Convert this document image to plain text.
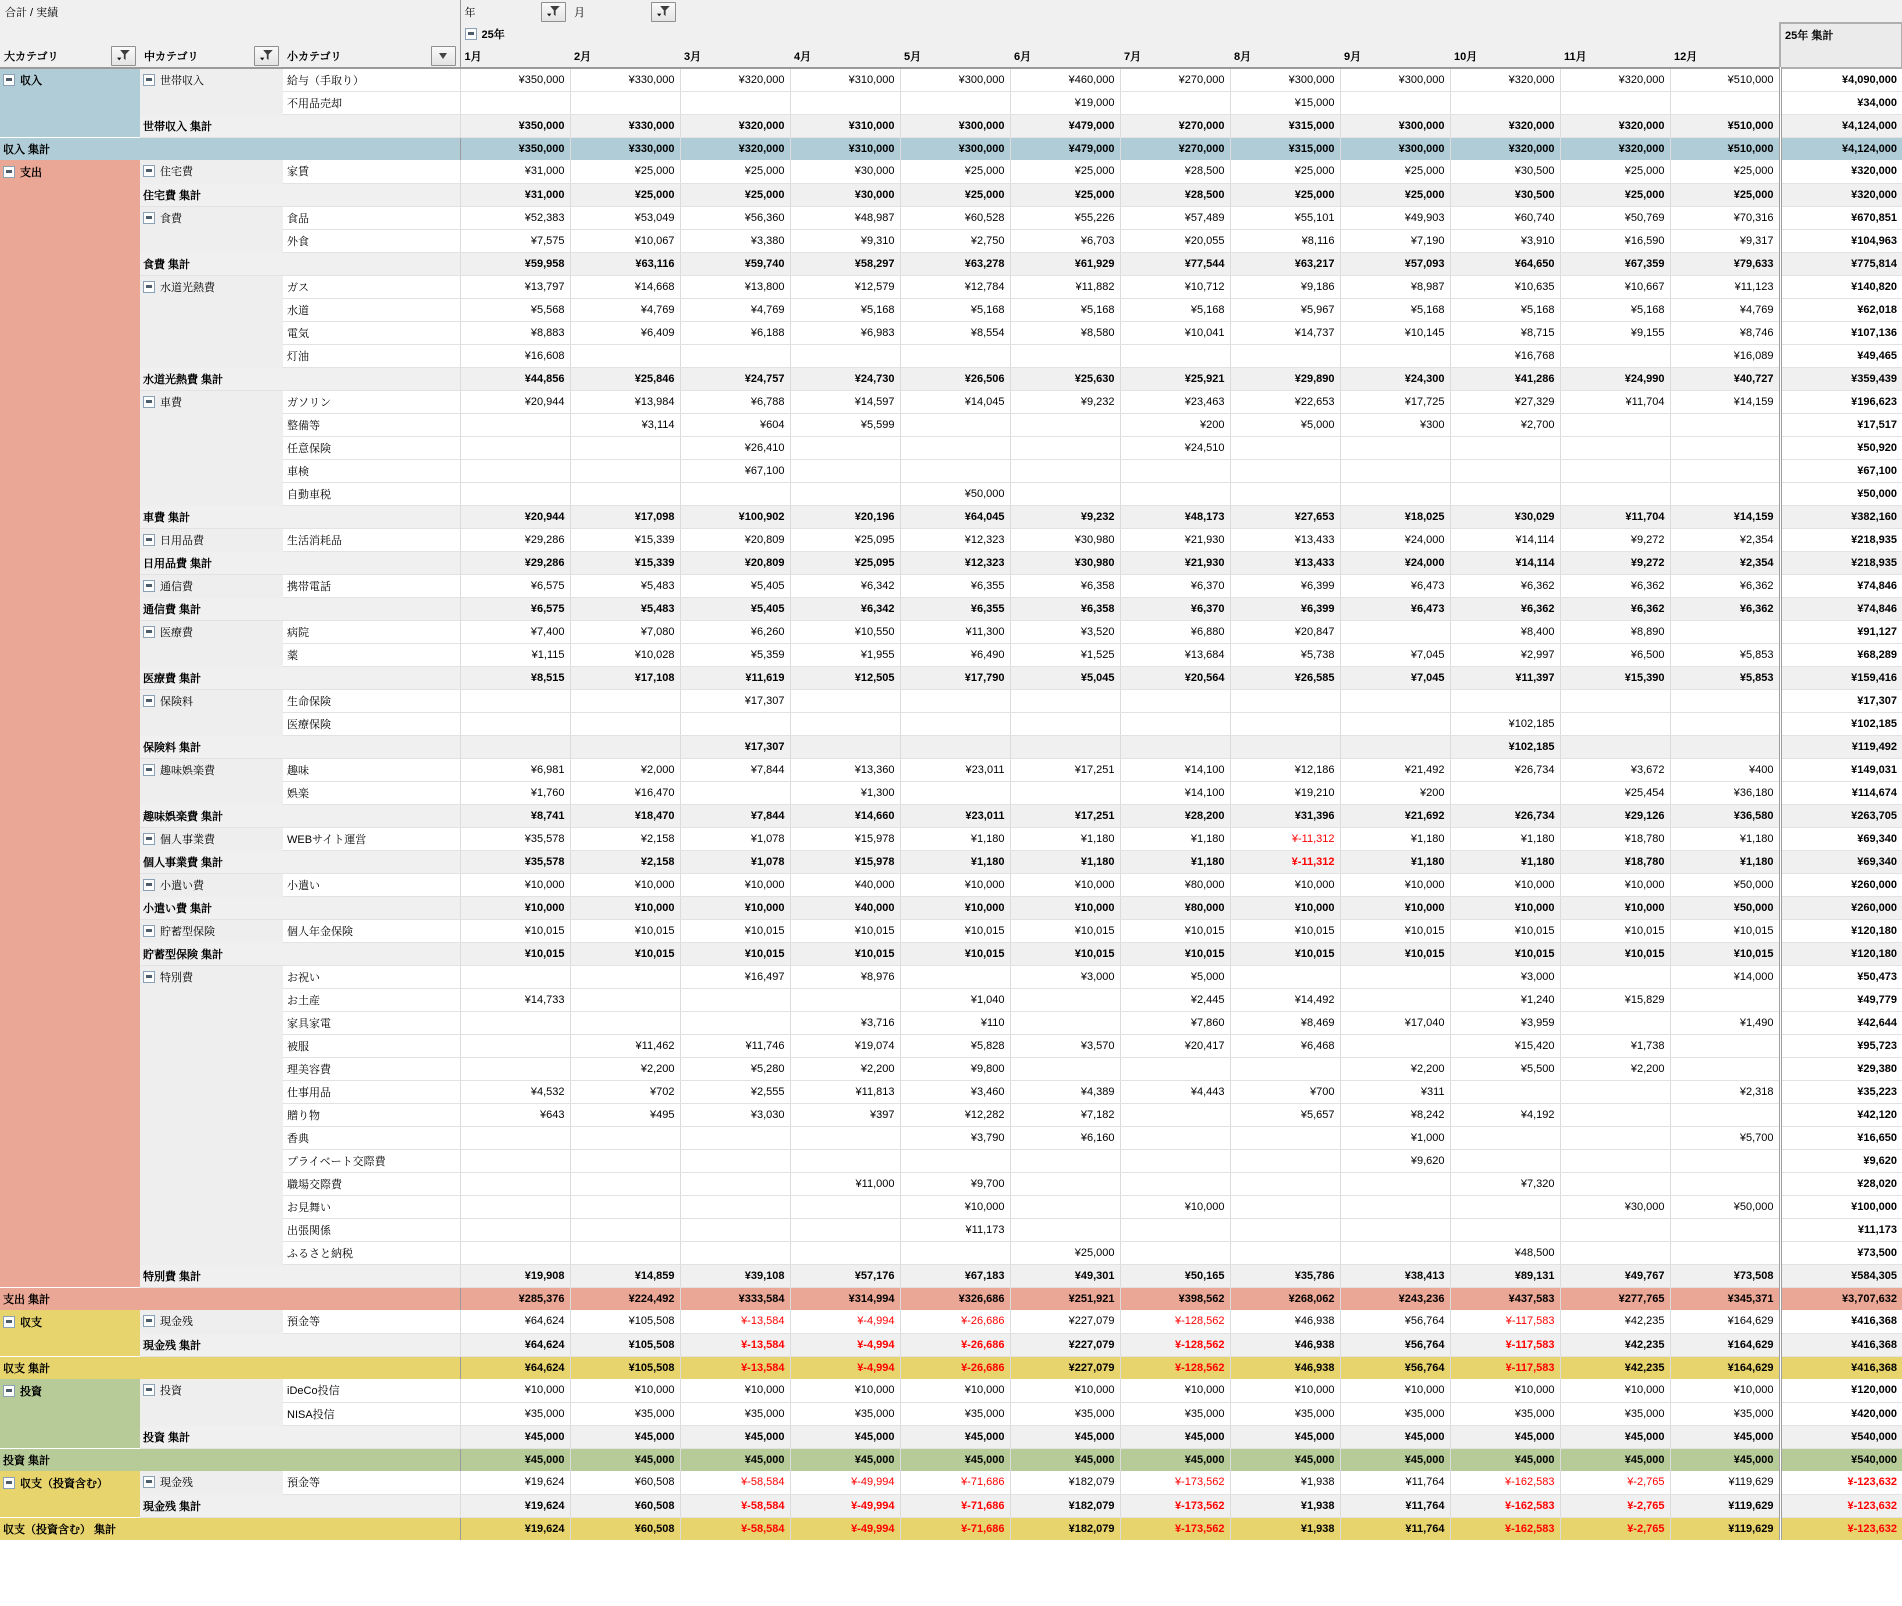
合計 / 実績			年	月											

			25年												25年 集計

大カテゴリ	中カテゴリ	小カテゴリ	1月	2月	3月	4月	5月	6月	7月	8月	9月	10月	11月	12月	

収入	世帯収入	給与（手取り）	¥350,000	¥330,000	¥320,000	¥310,000	¥300,000	¥460,000	¥270,000	¥300,000	¥300,000	¥320,000	¥320,000	¥510,000	¥4,090,000
		不用品売却						¥19,000		¥15,000					¥34,000
	世帯収入 集計		¥350,000	¥330,000	¥320,000	¥310,000	¥300,000	¥479,000	¥270,000	¥315,000	¥300,000	¥320,000	¥320,000	¥510,000	¥4,124,000
収入 集計			¥350,000	¥330,000	¥320,000	¥310,000	¥300,000	¥479,000	¥270,000	¥315,000	¥300,000	¥320,000	¥320,000	¥510,000	¥4,124,000

支出	住宅費	家賃	¥31,000	¥25,000	¥25,000	¥30,000	¥25,000	¥25,000	¥28,500	¥25,000	¥25,000	¥30,500	¥25,000	¥25,000	¥320,000
	住宅費 集計		¥31,000	¥25,000	¥25,000	¥30,000	¥25,000	¥25,000	¥28,500	¥25,000	¥25,000	¥30,500	¥25,000	¥25,000	¥320,000

	食費	食品	¥52,383	¥53,049	¥56,360	¥48,987	¥60,528	¥55,226	¥57,489	¥55,101	¥49,903	¥60,740	¥50,769	¥70,316	¥670,851
		外食	¥7,575	¥10,067	¥3,380	¥9,310	¥2,750	¥6,703	¥20,055	¥8,116	¥7,190	¥3,910	¥16,590	¥9,317	¥104,963
	食費 集計		¥59,958	¥63,116	¥59,740	¥58,297	¥63,278	¥61,929	¥77,544	¥63,217	¥57,093	¥64,650	¥67,359	¥79,633	¥775,814

	水道光熱費	ガス	¥13,797	¥14,668	¥13,800	¥12,579	¥12,784	¥11,882	¥10,712	¥9,186	¥8,987	¥10,635	¥10,667	¥11,123	¥140,820
		水道	¥5,568	¥4,769	¥4,769	¥5,168	¥5,168	¥5,168	¥5,168	¥5,967	¥5,168	¥5,168	¥5,168	¥4,769	¥62,018
		電気	¥8,883	¥6,409	¥6,188	¥6,983	¥8,554	¥8,580	¥10,041	¥14,737	¥10,145	¥8,715	¥9,155	¥8,746	¥107,136
		灯油	¥16,608									¥16,768		¥16,089	¥49,465
	水道光熱費 集計		¥44,856	¥25,846	¥24,757	¥24,730	¥26,506	¥25,630	¥25,921	¥29,890	¥24,300	¥41,286	¥24,990	¥40,727	¥359,439

	車費	ガソリン	¥20,944	¥13,984	¥6,788	¥14,597	¥14,045	¥9,232	¥23,463	¥22,653	¥17,725	¥27,329	¥11,704	¥14,159	¥196,623
		整備等		¥3,114	¥604	¥5,599			¥200	¥5,000	¥300	¥2,700			¥17,517
		任意保険			¥26,410				¥24,510						¥50,920
		車検			¥67,100										¥67,100
		自動車税					¥50,000								¥50,000
	車費 集計		¥20,944	¥17,098	¥100,902	¥20,196	¥64,045	¥9,232	¥48,173	¥27,653	¥18,025	¥30,029	¥11,704	¥14,159	¥382,160

	日用品費	生活消耗品	¥29,286	¥15,339	¥20,809	¥25,095	¥12,323	¥30,980	¥21,930	¥13,433	¥24,000	¥14,114	¥9,272	¥2,354	¥218,935
	日用品費 集計		¥29,286	¥15,339	¥20,809	¥25,095	¥12,323	¥30,980	¥21,930	¥13,433	¥24,000	¥14,114	¥9,272	¥2,354	¥218,935

	通信費	携帯電話	¥6,575	¥5,483	¥5,405	¥6,342	¥6,355	¥6,358	¥6,370	¥6,399	¥6,473	¥6,362	¥6,362	¥6,362	¥74,846
	通信費 集計		¥6,575	¥5,483	¥5,405	¥6,342	¥6,355	¥6,358	¥6,370	¥6,399	¥6,473	¥6,362	¥6,362	¥6,362	¥74,846

	医療費	病院	¥7,400	¥7,080	¥6,260	¥10,550	¥11,300	¥3,520	¥6,880	¥20,847		¥8,400	¥8,890		¥91,127
		薬	¥1,115	¥10,028	¥5,359	¥1,955	¥6,490	¥1,525	¥13,684	¥5,738	¥7,045	¥2,997	¥6,500	¥5,853	¥68,289
	医療費 集計		¥8,515	¥17,108	¥11,619	¥12,505	¥17,790	¥5,045	¥20,564	¥26,585	¥7,045	¥11,397	¥15,390	¥5,853	¥159,416

	保険料	生命保険			¥17,307										¥17,307
		医療保険										¥102,185			¥102,185
	保険料 集計				¥17,307							¥102,185			¥119,492

	趣味娯楽費	趣味	¥6,981	¥2,000	¥7,844	¥13,360	¥23,011	¥17,251	¥14,100	¥12,186	¥21,492	¥26,734	¥3,672	¥400	¥149,031
		娯楽	¥1,760	¥16,470		¥1,300			¥14,100	¥19,210	¥200		¥25,454	¥36,180	¥114,674
	趣味娯楽費 集計		¥8,741	¥18,470	¥7,844	¥14,660	¥23,011	¥17,251	¥28,200	¥31,396	¥21,692	¥26,734	¥29,126	¥36,580	¥263,705

	個人事業費	WEBサイト運営	¥35,578	¥2,158	¥1,078	¥15,978	¥1,180	¥1,180	¥1,180	¥-11,312	¥1,180	¥1,180	¥18,780	¥1,180	¥69,340
	個人事業費 集計		¥35,578	¥2,158	¥1,078	¥15,978	¥1,180	¥1,180	¥1,180	¥-11,312	¥1,180	¥1,180	¥18,780	¥1,180	¥69,340

	小遣い費	小遣い	¥10,000	¥10,000	¥10,000	¥40,000	¥10,000	¥10,000	¥80,000	¥10,000	¥10,000	¥10,000	¥10,000	¥50,000	¥260,000
	小遣い費 集計		¥10,000	¥10,000	¥10,000	¥40,000	¥10,000	¥10,000	¥80,000	¥10,000	¥10,000	¥10,000	¥10,000	¥50,000	¥260,000

	貯蓄型保険	個人年金保険	¥10,015	¥10,015	¥10,015	¥10,015	¥10,015	¥10,015	¥10,015	¥10,015	¥10,015	¥10,015	¥10,015	¥10,015	¥120,180
	貯蓄型保険 集計		¥10,015	¥10,015	¥10,015	¥10,015	¥10,015	¥10,015	¥10,015	¥10,015	¥10,015	¥10,015	¥10,015	¥10,015	¥120,180

	特別費	お祝い			¥16,497	¥8,976		¥3,000	¥5,000			¥3,000		¥14,000	¥50,473
		お土産	¥14,733				¥1,040		¥2,445	¥14,492		¥1,240	¥15,829		¥49,779
		家具家電				¥3,716	¥110		¥7,860	¥8,469	¥17,040	¥3,959		¥1,490	¥42,644
		被服		¥11,462	¥11,746	¥19,074	¥5,828	¥3,570	¥20,417	¥6,468		¥15,420	¥1,738		¥95,723
		理美容費		¥2,200	¥5,280	¥2,200	¥9,800				¥2,200	¥5,500	¥2,200		¥29,380
		仕事用品	¥4,532	¥702	¥2,555	¥11,813	¥3,460	¥4,389	¥4,443	¥700	¥311			¥2,318	¥35,223
		贈り物	¥643	¥495	¥3,030	¥397	¥12,282	¥7,182		¥5,657	¥8,242	¥4,192			¥42,120
		香典					¥3,790	¥6,160			¥1,000			¥5,700	¥16,650
		プライベート交際費									¥9,620				¥9,620
		職場交際費				¥11,000	¥9,700					¥7,320			¥28,020
		お見舞い					¥10,000		¥10,000				¥30,000	¥50,000	¥100,000
		出張関係					¥11,173								¥11,173
		ふるさと納税						¥25,000				¥48,500			¥73,500
	特別費 集計		¥19,908	¥14,859	¥39,108	¥57,176	¥67,183	¥49,301	¥50,165	¥35,786	¥38,413	¥89,131	¥49,767	¥73,508	¥584,305
支出 集計			¥285,376	¥224,492	¥333,584	¥314,994	¥326,686	¥251,921	¥398,562	¥268,062	¥243,236	¥437,583	¥277,765	¥345,371	¥3,707,632

収支	現金残	預金等	¥64,624	¥105,508	¥-13,584	¥-4,994	¥-26,686	¥227,079	¥-128,562	¥46,938	¥56,764	¥-117,583	¥42,235	¥164,629	¥416,368
	現金残 集計		¥64,624	¥105,508	¥-13,584	¥-4,994	¥-26,686	¥227,079	¥-128,562	¥46,938	¥56,764	¥-117,583	¥42,235	¥164,629	¥416,368
収支 集計			¥64,624	¥105,508	¥-13,584	¥-4,994	¥-26,686	¥227,079	¥-128,562	¥46,938	¥56,764	¥-117,583	¥42,235	¥164,629	¥416,368

投資	投資	iDeCo投信	¥10,000	¥10,000	¥10,000	¥10,000	¥10,000	¥10,000	¥10,000	¥10,000	¥10,000	¥10,000	¥10,000	¥10,000	¥120,000
		NISA投信	¥35,000	¥35,000	¥35,000	¥35,000	¥35,000	¥35,000	¥35,000	¥35,000	¥35,000	¥35,000	¥35,000	¥35,000	¥420,000
	投資 集計		¥45,000	¥45,000	¥45,000	¥45,000	¥45,000	¥45,000	¥45,000	¥45,000	¥45,000	¥45,000	¥45,000	¥45,000	¥540,000
投資 集計			¥45,000	¥45,000	¥45,000	¥45,000	¥45,000	¥45,000	¥45,000	¥45,000	¥45,000	¥45,000	¥45,000	¥45,000	¥540,000

収支（投資含む）	現金残	預金等	¥19,624	¥60,508	¥-58,584	¥-49,994	¥-71,686	¥182,079	¥-173,562	¥1,938	¥11,764	¥-162,583	¥-2,765	¥119,629	¥-123,632
	現金残 集計		¥19,624	¥60,508	¥-58,584	¥-49,994	¥-71,686	¥182,079	¥-173,562	¥1,938	¥11,764	¥-162,583	¥-2,765	¥119,629	¥-123,632
収支（投資含む） 集計			¥19,624	¥60,508	¥-58,584	¥-49,994	¥-71,686	¥182,079	¥-173,562	¥1,938	¥11,764	¥-162,583	¥-2,765	¥119,629	¥-123,632
